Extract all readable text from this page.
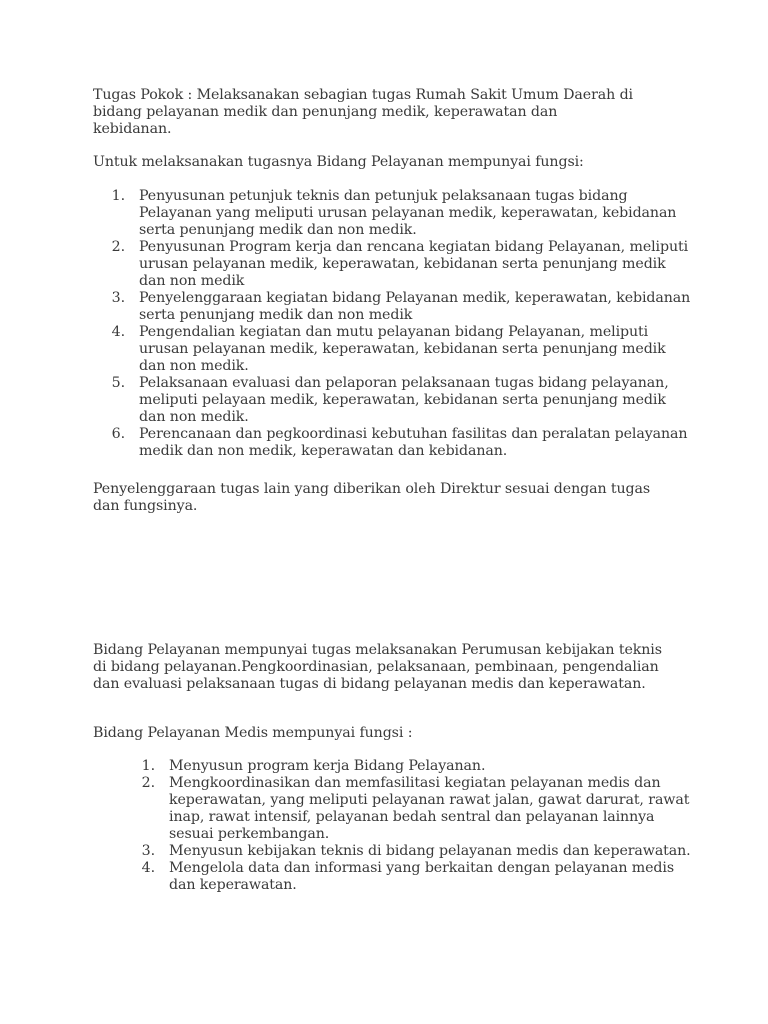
Tugas Pokok : Melaksanakan sebagian tugas Rumah Sakit Umum Daerah di bidang pelayanan medik dan penunjang medik, keperawatan dan kebidanan.

Untuk melaksanakan tugasnya Bidang Pelayanan mempunyai fungsi:

1. Penyusunan petunjuk teknis dan petunjuk pelaksanaan tugas bidang Pelayanan yang meliputi urusan pelayanan medik, keperawatan, kebidanan serta penunjang medik dan non medik.
2. Penyusunan Program kerja dan rencana kegiatan bidang Pelayanan, meliputi urusan pelayanan medik, keperawatan, kebidanan serta penunjang medik dan non medik
3. Penyelenggaraan kegiatan bidang Pelayanan medik, keperawatan, kebidanan serta penunjang medik dan non medik
4. Pengendalian kegiatan dan mutu pelayanan bidang Pelayanan, meliputi urusan pelayanan medik, keperawatan, kebidanan serta penunjang medik dan non medik.
5. Pelaksanaan evaluasi dan pelaporan pelaksanaan tugas bidang pelayanan, meliputi pelayaan medik, keperawatan, kebidanan serta penunjang medik dan non medik.
6. Perencanaan dan pegkoordinasi kebutuhan fasilitas dan peralatan pelayanan medik dan non medik, keperawatan dan kebidanan.

Penyelenggaraan tugas lain yang diberikan oleh Direktur sesuai dengan tugas dan fungsinya.

Bidang Pelayanan mempunyai tugas melaksanakan Perumusan kebijakan teknis di bidang pelayanan.Pengkoordinasian, pelaksanaan, pembinaan, pengendalian dan evaluasi pelaksanaan tugas di bidang pelayanan medis dan keperawatan.

Bidang Pelayanan Medis mempunyai fungsi :

1. Menyusun program kerja Bidang Pelayanan.
2. Mengkoordinasikan dan memfasilitasi kegiatan pelayanan medis dan keperawatan, yang meliputi pelayanan rawat jalan, gawat darurat, rawat inap, rawat intensif, pelayanan bedah sentral dan pelayanan lainnya sesuai perkembangan.
3. Menyusun kebijakan teknis di bidang pelayanan medis dan keperawatan.
4. Mengelola data dan informasi yang berkaitan dengan pelayanan medis dan keperawatan.
